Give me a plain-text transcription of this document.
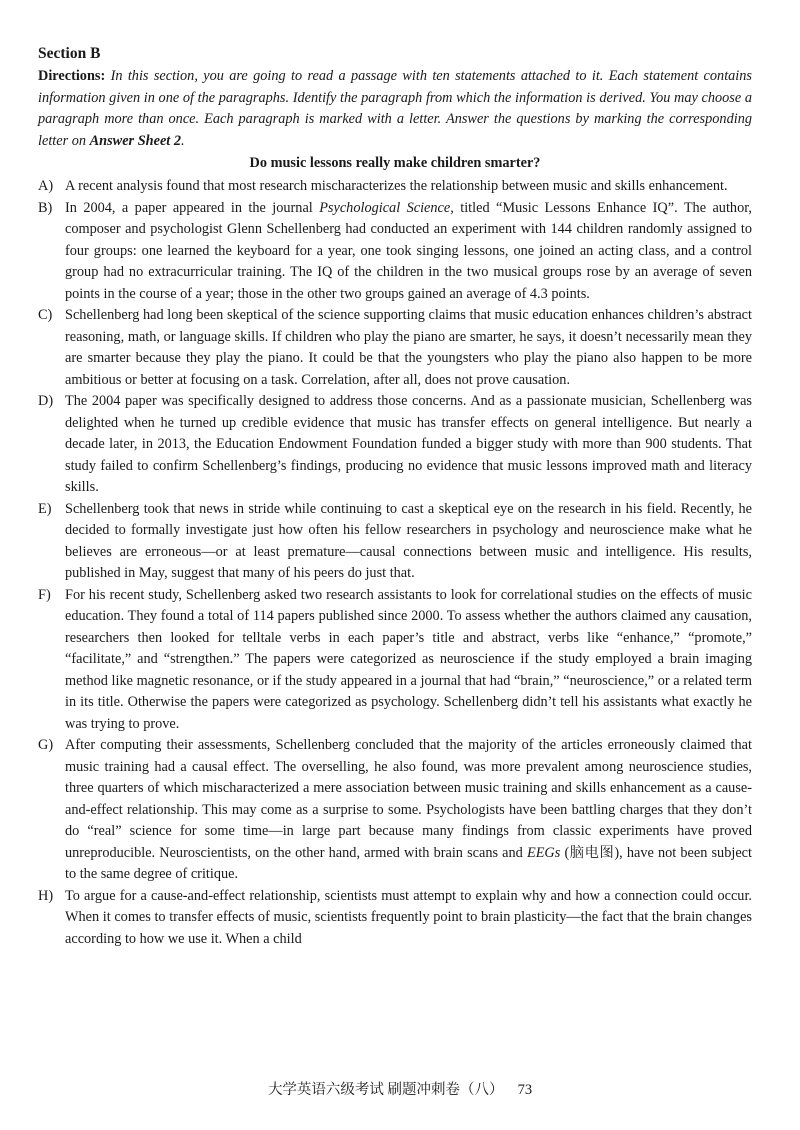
Section B

Directions: In this section, you are going to read a passage with ten statements attached to it. Each statement contains information given in one of the paragraphs. Identify the paragraph from which the information is derived. You may choose a paragraph more than once. Each paragraph is marked with a letter. Answer the questions by marking the corresponding letter on Answer Sheet 2.

Do music lessons really make children smarter?
A) A recent analysis found that most research mischaracterizes the relationship between music and skills enhancement.
B) In 2004, a paper appeared in the journal Psychological Science, titled “Music Lessons Enhance IQ”. The author, composer and psychologist Glenn Schellenberg had conducted an experiment with 144 children randomly assigned to four groups: one learned the keyboard for a year, one took singing lessons, one joined an acting class, and a control group had no extracurricular training. The IQ of the children in the two musical groups rose by an average of seven points in the course of a year; those in the other two groups gained an average of 4.3 points.
C) Schellenberg had long been skeptical of the science supporting claims that music education enhances children’s abstract reasoning, math, or language skills. If children who play the piano are smarter, he says, it doesn’t necessarily mean they are smarter because they play the piano. It could be that the youngsters who play the piano also happen to be more ambitious or better at focusing on a task. Correlation, after all, does not prove causation.
D) The 2004 paper was specifically designed to address those concerns. And as a passionate musician, Schellenberg was delighted when he turned up credible evidence that music has transfer effects on general intelligence. But nearly a decade later, in 2013, the Education Endowment Foundation funded a bigger study with more than 900 students. That study failed to confirm Schellenberg’s findings, producing no evidence that music lessons improved math and literacy skills.
E) Schellenberg took that news in stride while continuing to cast a skeptical eye on the research in his field. Recently, he decided to formally investigate just how often his fellow researchers in psychology and neuroscience make what he believes are erroneous—or at least premature—causal connections between music and intelligence. His results, published in May, suggest that many of his peers do just that.
F) For his recent study, Schellenberg asked two research assistants to look for correlational studies on the effects of music education. They found a total of 114 papers published since 2000. To assess whether the authors claimed any causation, researchers then looked for telltale verbs in each paper’s title and abstract, verbs like “enhance,” “promote,” “facilitate,” and “strengthen.” The papers were categorized as neuroscience if the study employed a brain imaging method like magnetic resonance, or if the study appeared in a journal that had “brain,” “neuroscience,” or a related term in its title. Otherwise the papers were categorized as psychology. Schellenberg didn’t tell his assistants what exactly he was trying to prove.
G) After computing their assessments, Schellenberg concluded that the majority of the articles erroneously claimed that music training had a causal effect. The overselling, he also found, was more prevalent among neuroscience studies, three quarters of which mischaracterized a mere association between music training and skills enhancement as a cause-and-effect relationship. This may come as a surprise to some. Psychologists have been battling charges that they don’t do “real” science for some time—in large part because many findings from classic experiments have proved unreproducible. Neuroscientists, on the other hand, armed with brain scans and EEGs (脑电图), have not been subject to the same degree of critique.
H) To argue for a cause-and-effect relationship, scientists must attempt to explain why and how a connection could occur. When it comes to transfer effects of music, scientists frequently point to brain plasticity—the fact that the brain changes according to how we use it. When a child
大学英语六级考试 刷题冲刺卷（八） 73
